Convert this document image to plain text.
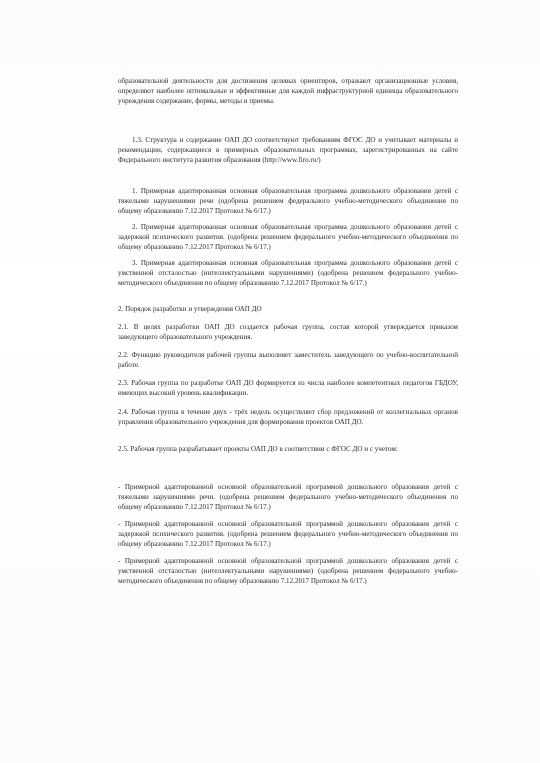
образовательной деятельности для достижения целевых ориентиров, отражают организационные условия, определяют наиболее оптимальные и эффективные для каждой инфраструктурной единицы образовательного учреждения содержание, формы, методы и приемы.

1.3. Структура и содержание ОАП ДО соответствуют требованиям ФГОС ДО и учитывает материалы и рекомендации, содержащиеся в примерных образовательных программах, зарегистрированных на сайте Федерального института развития образования (http://www.firo.ru/)

1. Примерная адаптированная основная образовательная программа дошкольного образования детей с тяжелыми нарушениями речи (одобрена решением федерального учебно-методического объединения по общему образованию 7.12.2017 Протокол № 6/17.)

2. Примерная адаптированная основная образовательная программа дошкольного образования детей с задержкой психического развития. (одобрена решением федерального учебно-методического объединения по общему образованию 7.12.2017 Протокол № 6/17.)

3. Примерная адаптированная основная образовательная программа дошкольного образования детей с умственной отсталостью (интеллектуальными нарушениями) (одобрена решением федерального учебно-методического объединения по общему образованию 7.12.2017 Протокол № 6/17.)

2. Порядок разработки и утверждения ОАП ДО

2.1. В целях разработки ОАП ДО создается рабочая группа, состав которой утверждается приказом заведующего образовательного учреждения.

2.2. Функцию руководителя рабочей группы выполняет заместитель заведующего по учебно-воспитательной работе.

2.3. Рабочая группа по разработке ОАП ДО формируется из числа наиболее компетентных педагогов ГБДОУ, имеющих высокий уровень квалификации.

2.4. Рабочая группа в течение двух - трёх недель осуществляет сбор предложений от коллегиальных органов управления образовательного учреждения для формирования проектов ОАП ДО.

2.5. Рабочая группа разрабатывает проекты ОАП ДО в соответствии с ФГОС ДО и с учетом:

- Примерной адаптированной основной образовательной программой дошкольного образования детей с тяжелыми нарушениями речи. (одобрена решением федерального учебно-методического объединения по общему образованию 7.12.2017 Протокол № 6/17.)

- Примерной адаптированной основной образовательной программой дошкольного образования детей с задержкой психического развития. (одобрена решением федерального учебно-методического объединения по общему образованию 7.12.2017 Протокол № 6/17.)

- Примерной адаптированной основной образовательной программой дошкольного образования детей с умственной отсталостью (интеллектуальными нарушениями) (одобрена решением федерального учебно-методического объединения по общему образованию 7.12.2017 Протокол № 6/17.)
